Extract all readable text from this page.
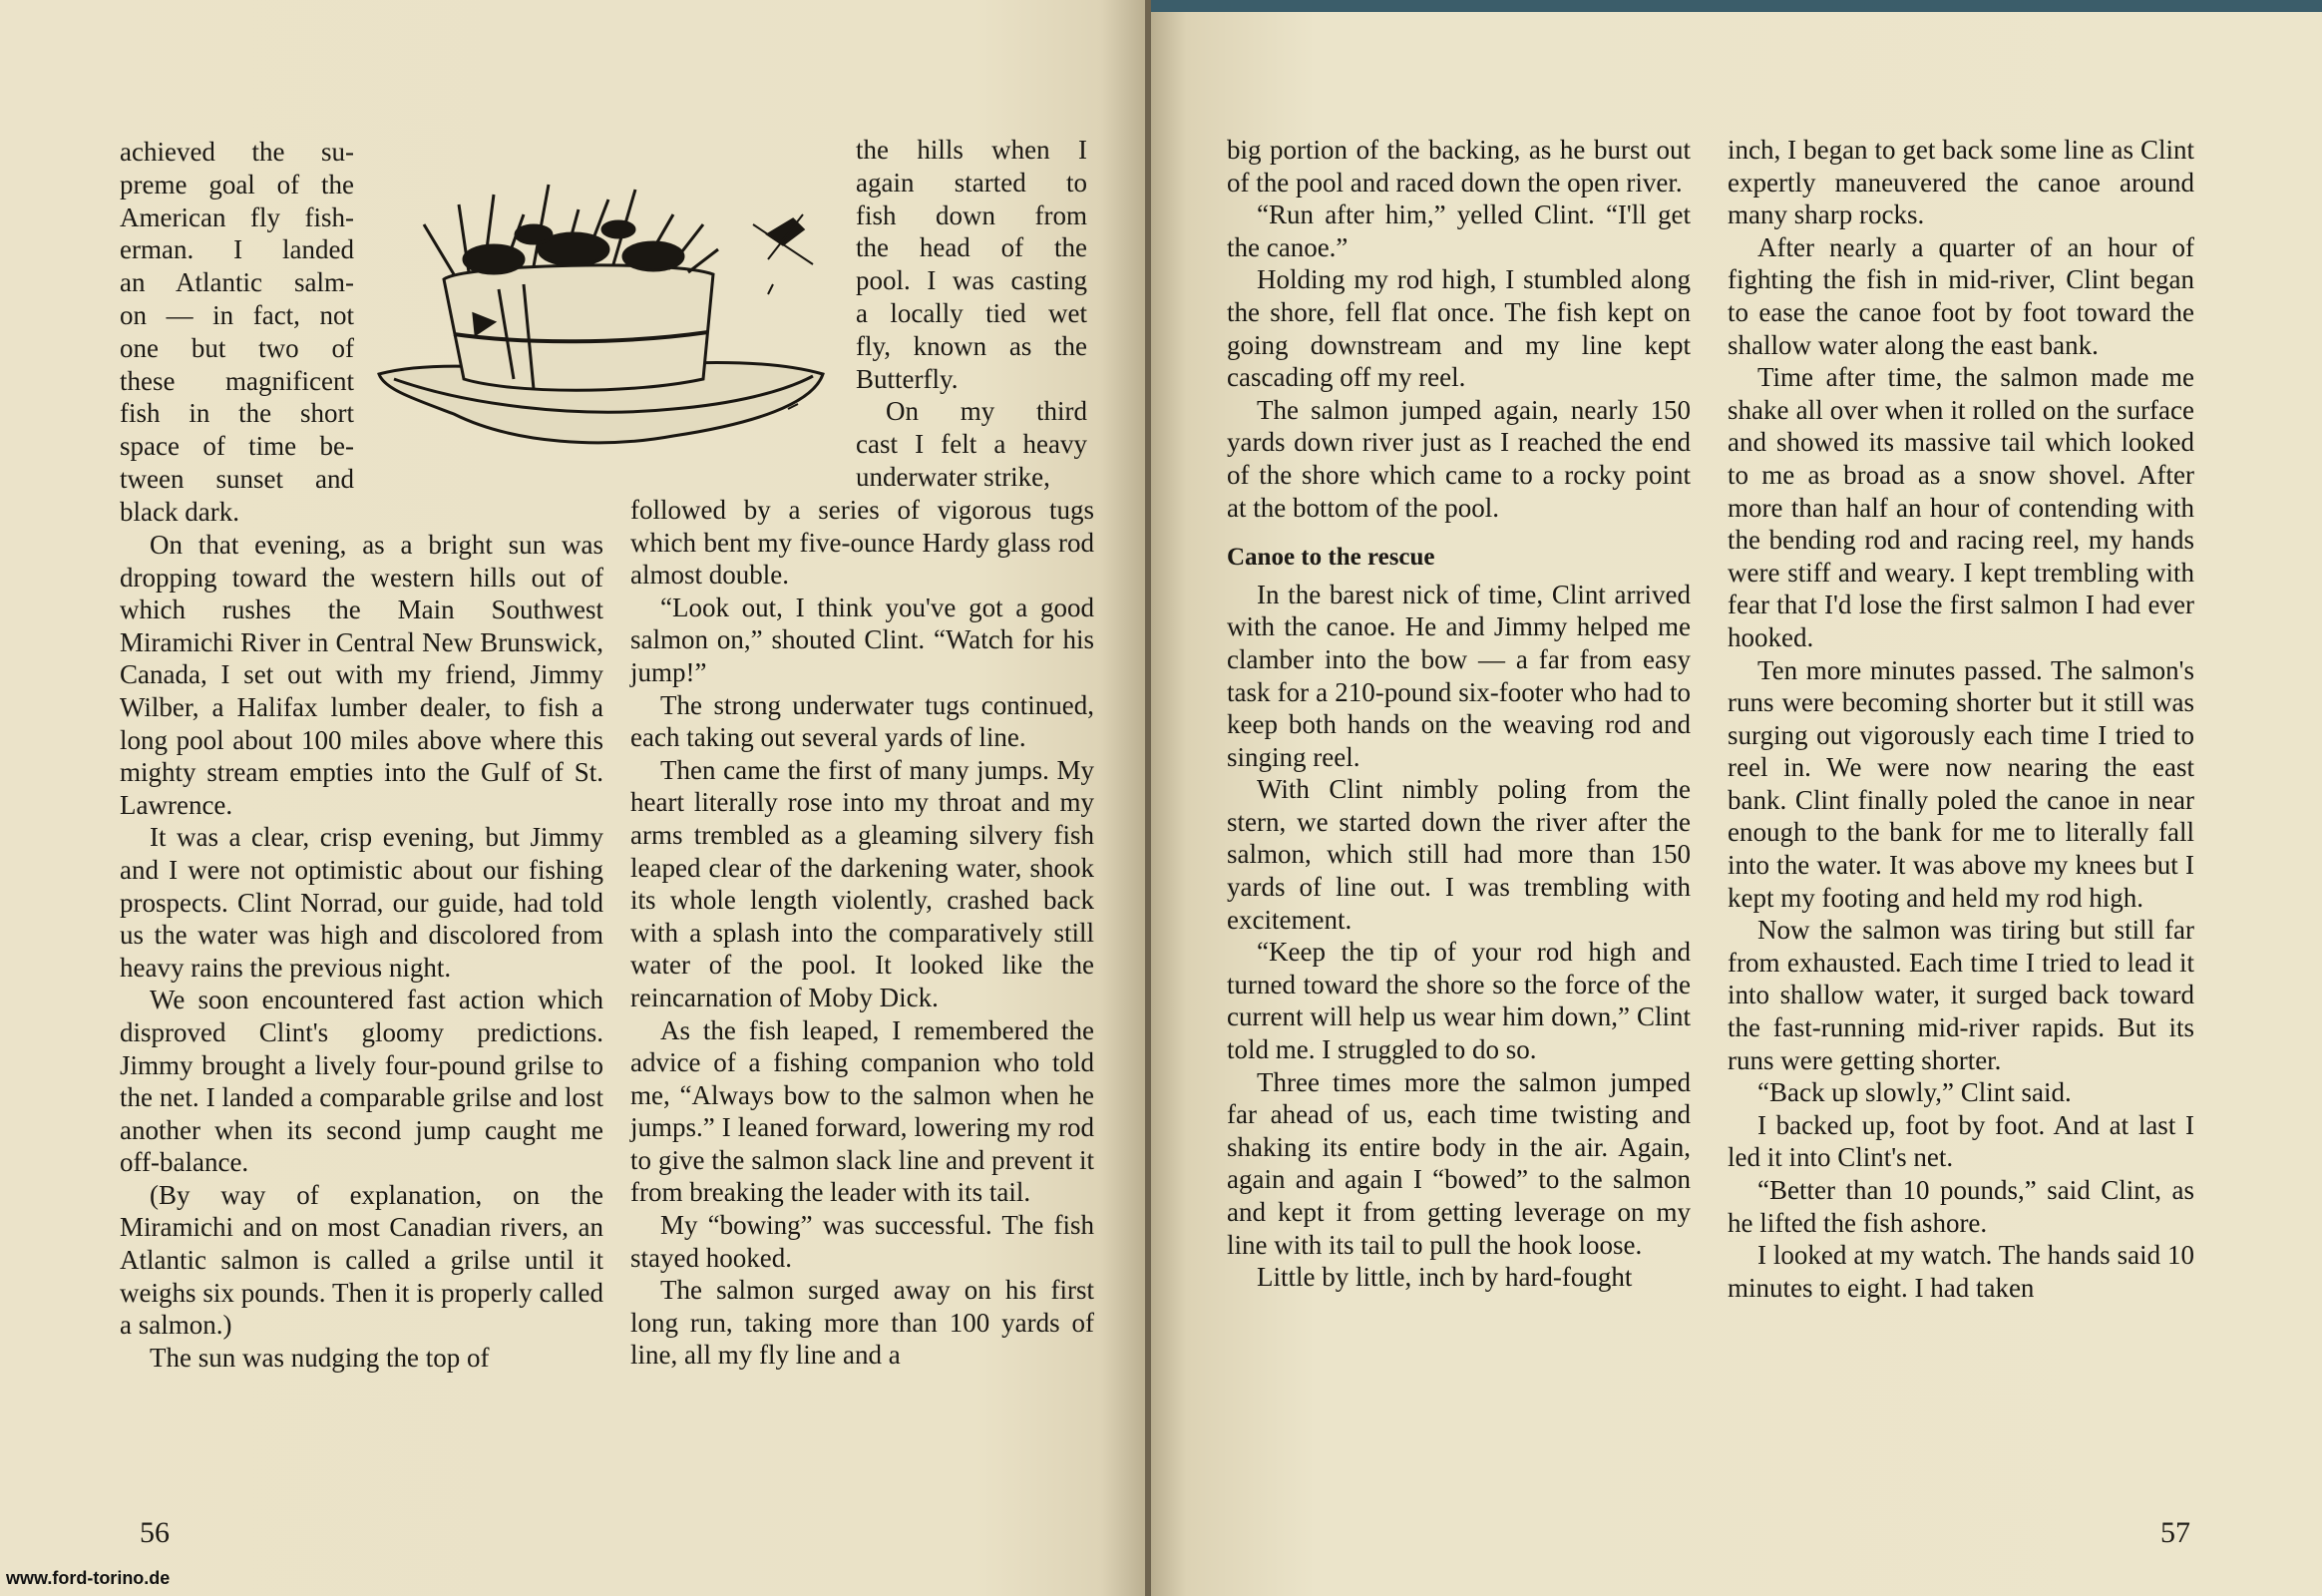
achieved the su-
preme goal of the
American fly fish-
erman. I landed
an Atlantic salm-
on — in fact, not
one but two of
these magnificent
fish in the short
space of time be-
tween sunset and
black dark.

On that evening, as a bright sun was dropping toward the western hills out of which rushes the Main Southwest Miramichi River in Central New Brunswick, Canada, I set out with my friend, Jimmy Wilber, a Halifax lumber dealer, to fish a long pool about 100 miles above where this mighty stream empties into the Gulf of St. Lawrence.

It was a clear, crisp evening, but Jimmy and I were not optimistic about our fishing prospects. Clint Norrad, our guide, had told us the water was high and discolored from heavy rains the previous night.

We soon encountered fast action which disproved Clint's gloomy predictions. Jimmy brought a lively four-pound grilse to the net. I landed a comparable grilse and lost another when its second jump caught me off-balance.

(By way of explanation, on the Miramichi and on most Canadian rivers, an Atlantic salmon is called a grilse until it weighs six pounds. Then it is properly called a salmon.)

The sun was nudging the top of

the hills when I
again started to
fish down from
the head of the
pool. I was casting
a locally tied wet
fly, known as the
Butterfly.
On my third
cast I felt a heavy
underwater strike,

followed by a series of vigorous tugs which bent my five-ounce Hardy glass rod almost double.

“Look out, I think you've got a good salmon on,” shouted Clint. “Watch for his jump!”

The strong underwater tugs continued, each taking out several yards of line.

Then came the first of many jumps. My heart literally rose into my throat and my arms trembled as a gleaming silvery fish leaped clear of the darkening water, shook its whole length violently, crashed back with a splash into the comparatively still water of the pool. It looked like the reincarnation of Moby Dick.

As the fish leaped, I remembered the advice of a fishing companion who told me, “Always bow to the salmon when he jumps.” I leaned forward, lowering my rod to give the salmon slack line and prevent it from breaking the leader with its tail.

My “bowing” was successful. The fish stayed hooked.

The salmon surged away on his first long run, taking more than 100 yards of line, all my fly line and a

56
www.ford-torino.de

big portion of the backing, as he burst out of the pool and raced down the open river.

“Run after him,” yelled Clint. “I'll get the canoe.”

Holding my rod high, I stumbled along the shore, fell flat once. The fish kept on going downstream and my line kept cascading off my reel.

The salmon jumped again, nearly 150 yards down river just as I reached the end of the shore which came to a rocky point at the bottom of the pool.

Canoe to the rescue

In the barest nick of time, Clint arrived with the canoe. He and Jimmy helped me clamber into the bow — a far from easy task for a 210-pound six-footer who had to keep both hands on the weaving rod and singing reel.

With Clint nimbly poling from the stern, we started down the river after the salmon, which still had more than 150 yards of line out. I was trembling with excitement.

“Keep the tip of your rod high and turned toward the shore so the force of the current will help us wear him down,” Clint told me. I struggled to do so.

Three times more the salmon jumped far ahead of us, each time twisting and shaking its entire body in the air. Again, again and again I “bowed” to the salmon and kept it from getting leverage on my line with its tail to pull the hook loose.

Little by little, inch by hard-fought

inch, I began to get back some line as Clint expertly maneuvered the canoe around many sharp rocks.

After nearly a quarter of an hour of fighting the fish in mid-river, Clint began to ease the canoe foot by foot toward the shallow water along the east bank.

Time after time, the salmon made me shake all over when it rolled on the surface and showed its massive tail which looked to me as broad as a snow shovel. After more than half an hour of contending with the bending rod and racing reel, my hands were stiff and weary. I kept trembling with fear that I'd lose the first salmon I had ever hooked.

Ten more minutes passed. The salmon's runs were becoming shorter but it still was surging out vigorously each time I tried to reel in. We were now nearing the east bank. Clint finally poled the canoe in near enough to the bank for me to literally fall into the water. It was above my knees but I kept my footing and held my rod high.

Now the salmon was tiring but still far from exhausted. Each time I tried to lead it into shallow water, it surged back toward the fast-running mid-river rapids. But its runs were getting shorter.

“Back up slowly,” Clint said.

I backed up, foot by foot. And at last I led it into Clint's net.

“Better than 10 pounds,” said Clint, as he lifted the fish ashore.

I looked at my watch. The hands said 10 minutes to eight. I had taken

57
